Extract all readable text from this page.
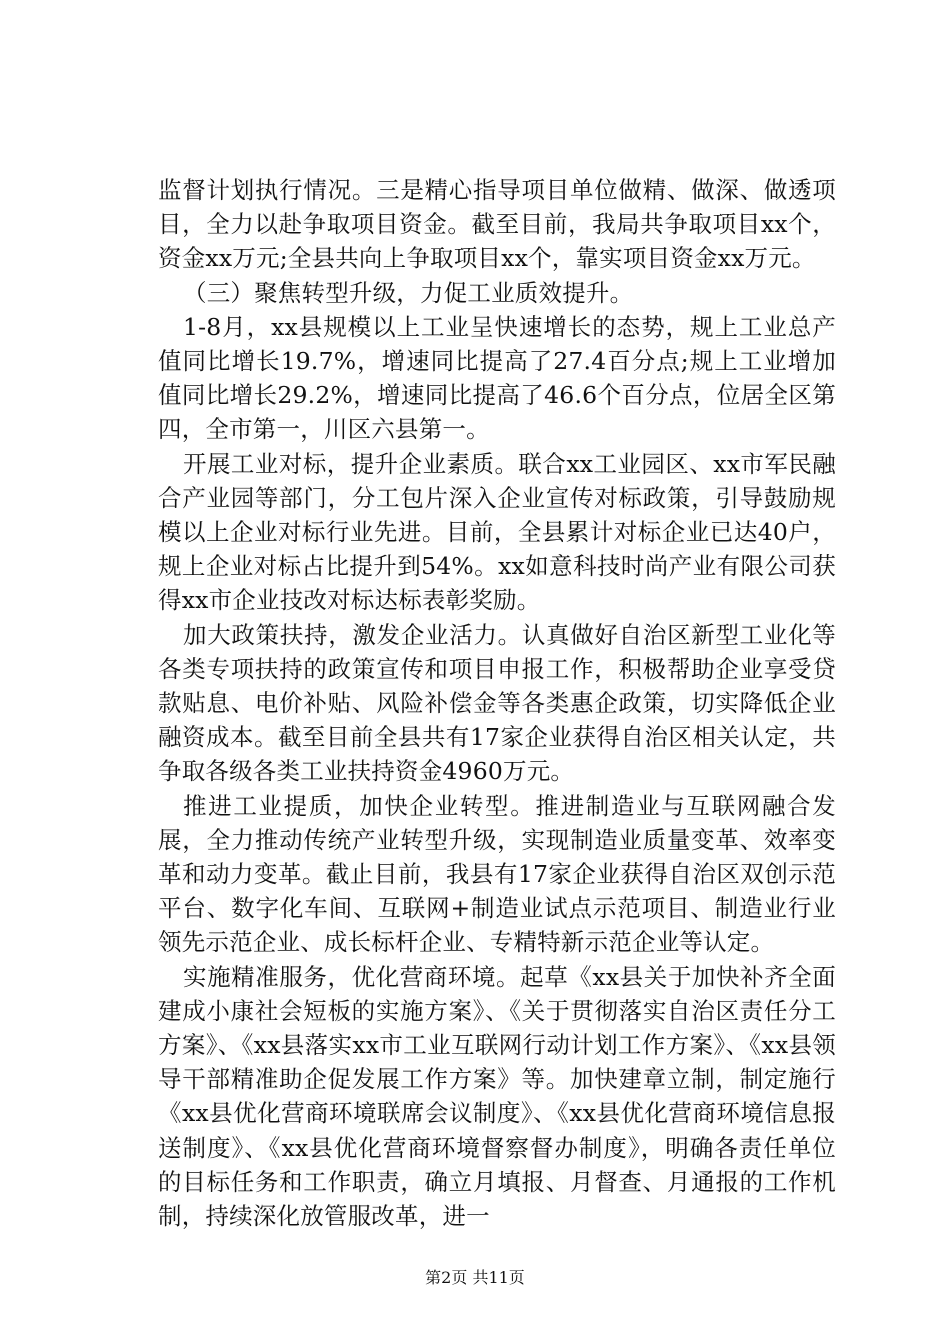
监督计划执行情况。三是精心指导项目单位做精、做深、做透项目，全力以赴争取项目资金。截至目前，我局共争取项目xx个，资金xx万元;全县共向上争取项目xx个，靠实项目资金xx万元。

（三）聚焦转型升级，力促工业质效提升。

1-8月，xx县规模以上工业呈快速增长的态势，规上工业总产值同比增长19.7%，增速同比提高了27.4百分点;规上工业增加值同比增长29.2%，增速同比提高了46.6个百分点，位居全区第四，全市第一，川区六县第一。

开展工业对标，提升企业素质。联合xx工业园区、xx市军民融合产业园等部门，分工包片深入企业宣传对标政策，引导鼓励规模以上企业对标行业先进。目前，全县累计对标企业已达40户，规上企业对标占比提升到54%。xx如意科技时尚产业有限公司获得xx市企业技改对标达标表彰奖励。

加大政策扶持，激发企业活力。认真做好自治区新型工业化等各类专项扶持的政策宣传和项目申报工作，积极帮助企业享受贷款贴息、电价补贴、风险补偿金等各类惠企政策，切实降低企业融资成本。截至目前全县共有17家企业获得自治区相关认定，共争取各级各类工业扶持资金4960万元。

推进工业提质，加快企业转型。推进制造业与互联网融合发展，全力推动传统产业转型升级，实现制造业质量变革、效率变革和动力变革。截止目前，我县有17家企业获得自治区双创示范平台、数字化车间、互联网+制造业试点示范项目、制造业行业领先示范企业、成长标杆企业、专精特新示范企业等认定。

实施精准服务，优化营商环境。起草《xx县关于加快补齐全面建成小康社会短板的实施方案》、《关于贯彻落实自治区责任分工方案》、《xx县落实xx市工业互联网行动计划工作方案》、《xx县领导干部精准助企促发展工作方案》等。加快建章立制，制定施行《xx县优化营商环境联席会议制度》、《xx县优化营商环境信息报送制度》、《xx县优化营商环境督察督办制度》，明确各责任单位的目标任务和工作职责，确立月填报、月督查、月通报的工作机制，持续深化放管服改革，进一

第2页 共11页
